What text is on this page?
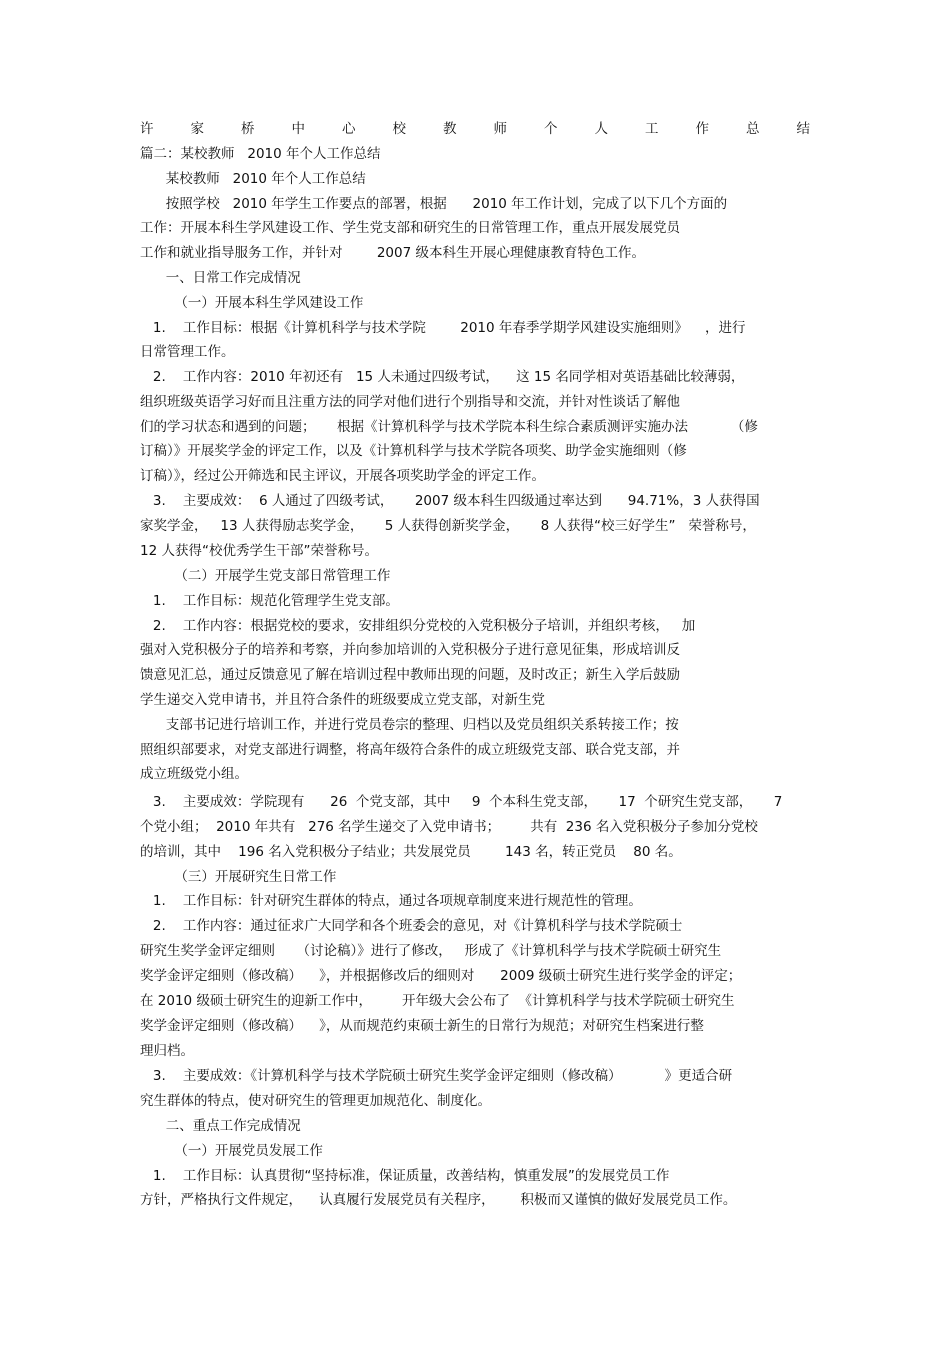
许	家	桥	中	心	校	教	师	个	人	工	作	总	结
篇二：某校教师   2010 年个人工作总结
某校教师   2010 年个人工作总结
按照学校   2010 年学生工作要点的部署，根据      2010 年工作计划，完成了以下几个方面的
工作：开展本科生学风建设工作、学生党支部和研究生的日常管理工作，重点开展发展党员
工作和就业指导服务工作，并针对        2007 级本科生开展心理健康教育特色工作。
一、日常工作完成情况
（一）开展本科生学风建设工作
1.    工作目标：根据《计算机科学与技术学院        2010 年春季学期学风建设实施细则》    ，进行
日常管理工作。
2.    工作内容：2010 年初还有   15 人未通过四级考试，    这 15 名同学相对英语基础比较薄弱，
组织班级英语学习好而且注重方法的同学对他们进行个别指导和交流，并针对性谈话了解他
们的学习状态和遇到的问题；     根据《计算机科学与技术学院本科生综合素质测评实施办法          （修
订稿）》开展奖学金的评定工作，以及《计算机科学与技术学院各项奖、助学金实施细则（修
订稿）》，经过公开筛选和民主评议，开展各项奖助学金的评定工作。
3.    主要成效：  6 人通过了四级考试，     2007 级本科生四级通过率达到      94.71%，3 人获得国
家奖学金，   13 人获得励志奖学金，     5 人获得创新奖学金，     8 人获得“校三好学生”   荣誉称号，
12 人获得“校优秀学生干部”荣誉称号。
（二）开展学生党支部日常管理工作
1.    工作目标：规范化管理学生党支部。
2.    工作内容：根据党校的要求，安排组织分党校的入党积极分子培训，并组织考核，   加
强对入党积极分子的培养和考察，并向参加培训的入党积极分子进行意见征集，形成培训反
馈意见汇总，通过反馈意见了解在培训过程中教师出现的问题，及时改正；新生入学后鼓励
学生递交入党申请书，并且符合条件的班级要成立党支部，对新生党
支部书记进行培训工作，并进行党员卷宗的整理、归档以及党员组织关系转接工作；按
照组织部要求，对党支部进行调整，将高年级符合条件的成立班级党支部、联合党支部，并
成立班级党小组。
3.    主要成效：学院现有      26  个党支部，其中     9  个本科生党支部，     17  个研究生党支部，     7
个党小组；  2010 年共有   276 名学生递交了入党申请书；       共有  236 名入党积极分子参加分党校
的培训，其中    196 名入党积极分子结业；共发展党员        143 名，转正党员    80 名。
（三）开展研究生日常工作
1.    工作目标：针对研究生群体的特点，通过各项规章制度来进行规范性的管理。
2.    工作内容：通过征求广大同学和各个班委会的意见，对《计算机科学与技术学院硕士
研究生奖学金评定细则     （讨论稿）》进行了修改，   形成了《计算机科学与技术学院硕士研究生
奖学金评定细则（修改稿）    》，并根据修改后的细则对      2009 级硕士研究生进行奖学金的评定；
在 2010 级硕士研究生的迎新工作中，       开年级大会公布了  《计算机科学与技术学院硕士研究生
奖学金评定细则（修改稿）    》，从而规范约束硕士新生的日常行为规范；对研究生档案进行整
理归档。
3.    主要成效：《计算机科学与技术学院硕士研究生奖学金评定细则（修改稿）          》更适合研
究生群体的特点，使对研究生的管理更加规范化、制度化。
二、重点工作完成情况
（一）开展党员发展工作
1.    工作目标：认真贯彻“坚持标准，保证质量，改善结构，慎重发展”的发展党员工作
方针，严格执行文件规定，    认真履行发展党员有关程序，      积极而又谨慎的做好发展党员工作。
